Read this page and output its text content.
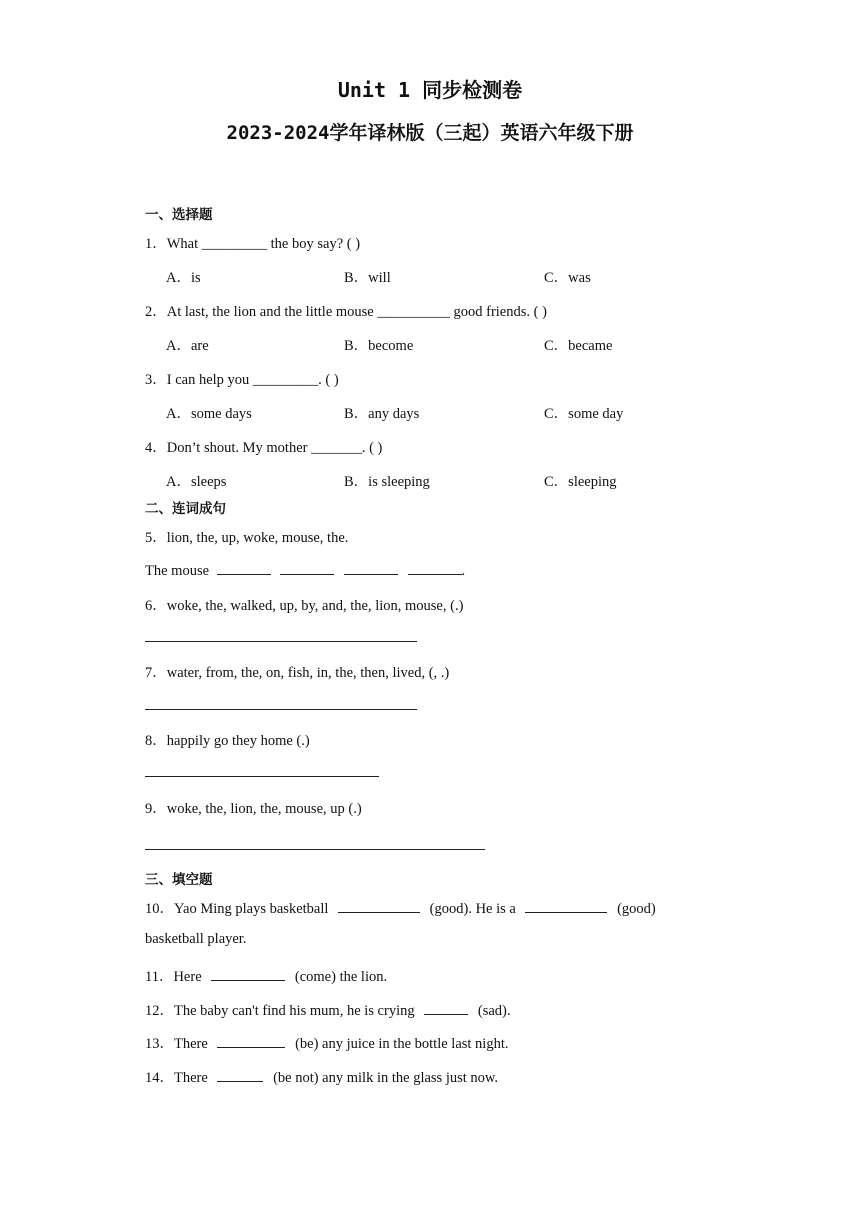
Unit 1 同步检测卷
2023-2024学年译林版（三起）英语六年级下册
一、选择题
1．What _________ the boy say? ( )
A．is	B．will	C．was
2．At last, the lion and the little mouse __________ good friends. ( )
A．are	B．become	C．became
3．I can help you _________. ( )
A．some days	B．any days	C．some day
4．Don’t shout. My mother _______. ( )
A．sleeps	B．is sleeping	C．sleeping
二、连词成句
5．lion, the, up, woke, mouse, the.
The mouse	.
6．woke, the, walked, up, by, and, the, lion, mouse, (.)
7．water, from, the, on, fish, in, the, then, lived, (, .)
8．happily go they home (.)
9．woke, the, lion, the, mouse, up (.)
三、填空题
10．Yao Ming plays basketball	(good). He is a	(good)
basketball player.
11．Here	(come) the lion.
12．The baby can't find his mum, he is crying	(sad).
13．There	(be) any juice in the bottle last night.
14．There	(be not) any milk in the glass just now.
